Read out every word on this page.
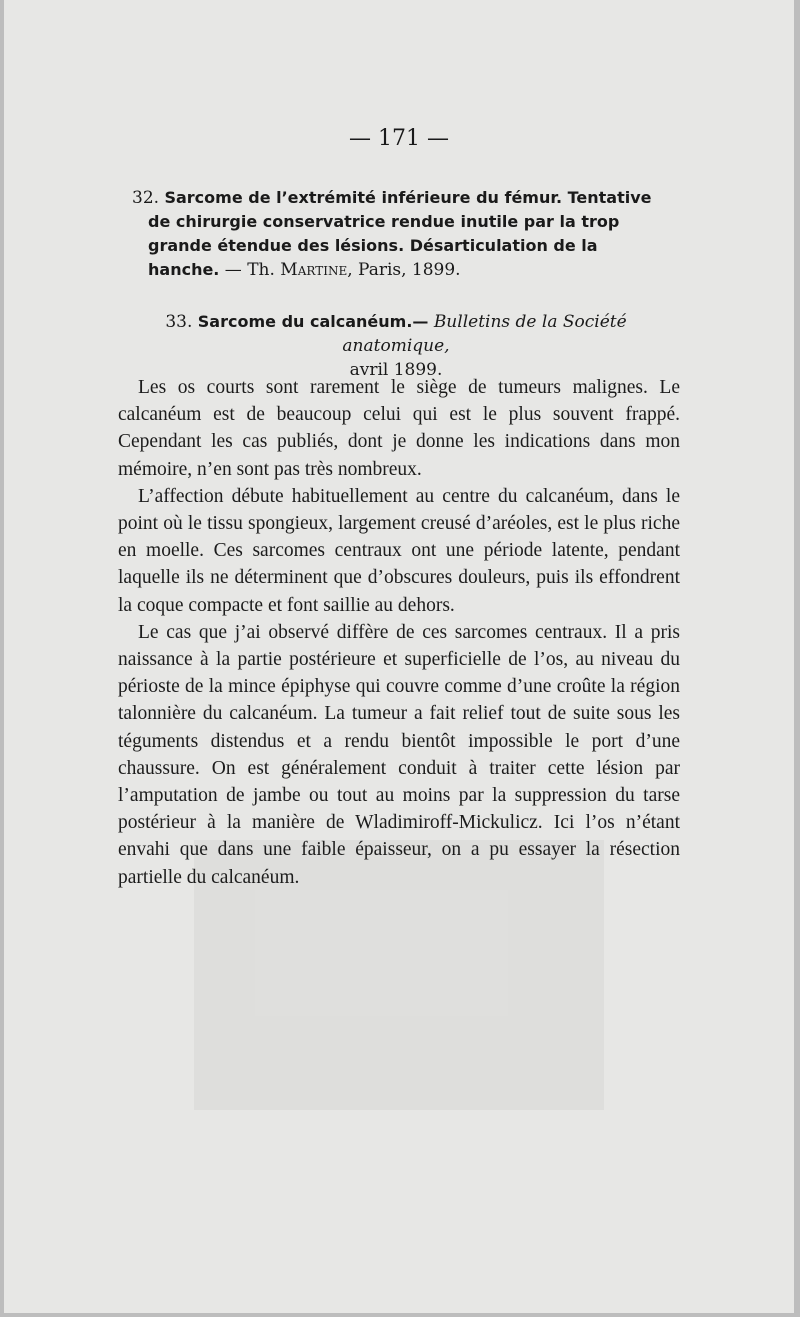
— 171 —
32. Sarcome de l’extrémité inférieure du fémur. Tentative de chirurgie conservatrice rendue inutile par la trop grande étendue des lésions. Désarticulation de la hanche. — Th. Martine, Paris, 1899.
33. Sarcome du calcanéum.— Bulletins de la Société anatomique,
avril 1899.

Les os courts sont rarement le siège de tumeurs malignes. Le calcanéum est de beaucoup celui qui est le plus souvent frappé. Cependant les cas publiés, dont je donne les indications dans mon mémoire, n’en sont pas très nombreux.

L’affection débute habituellement au centre du calcanéum, dans le point où le tissu spongieux, largement creusé d’aréoles, est le plus riche en moelle. Ces sarcomes centraux ont une période latente, pendant laquelle ils ne déterminent que d’obscures douleurs, puis ils effondrent la coque compacte et font saillie au dehors.

Le cas que j’ai observé diffère de ces sarcomes centraux. Il a pris naissance à la partie postérieure et superficielle de l’os, au niveau du périoste de la mince épiphyse qui couvre comme d’une croûte la région talonnière du calcanéum. La tumeur a fait relief tout de suite sous les téguments distendus et a rendu bientôt impossible le port d’une chaussure. On est généralement conduit à traiter cette lésion par l’amputation de jambe ou tout au moins par la suppression du tarse postérieur à la manière de Wladimiroff-Mickulicz. Ici l’os n’étant envahi que dans une faible épaisseur, on a pu essayer la résection partielle du calcanéum.
